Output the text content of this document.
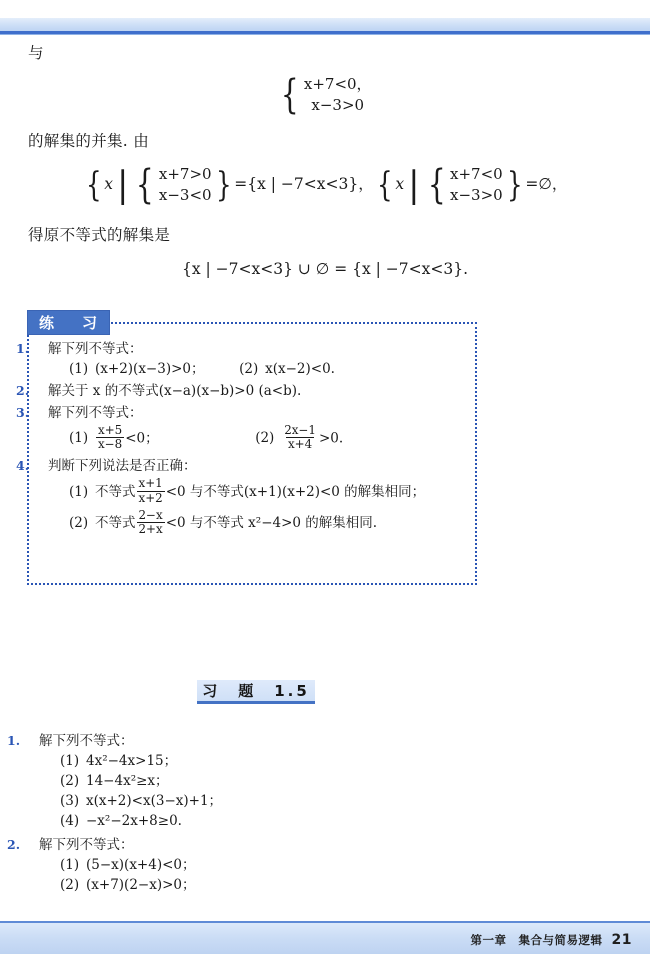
与

{ x+7<0，
x−3>0

的解集的并集. 由

{ x | { x+7>0
x−3<0 } ={x | −7<x<3}，{ x | { x+7<0
x−3>0 } =∅，

得原不等式的解集是

{x | −7<x<3} ∪ ∅ = {x | −7<x<3}.
练 习
1. 解下列不等式：
(1) (x+2)(x−3)>0；	(2) x(x−2)<0.
2. 解关于 x 的不等式(x−a)(x−b)>0 (a<b).
3. 解下列不等式：
$(1) \frac{x+5}{x-8} <0$；	$(2) \frac{2x-1}{x+4} >0$.
4. 判断下列说法是否正确：
(1) 不等式 $\frac{x+1}{x+2} <0$ 与不等式(x+1)(x+2)<0 的解集相同；
(2) 不等式 $\frac{2-x}{2+x} <0$ 与不等式 x²−4>0 的解集相同.
习　题　1.5
1. 解下列不等式：
(1) 4x²−4x>15；
(2) 14−4x²≥x；
(3) x(x+2)<x(3−x)+1；
(4) −x²−2x+8≥0.
2. 解下列不等式：
(1) (5−x)(x+4)<0；
(2) (x+7)(2−x)>0；
第一章　集合与简易逻辑 21
